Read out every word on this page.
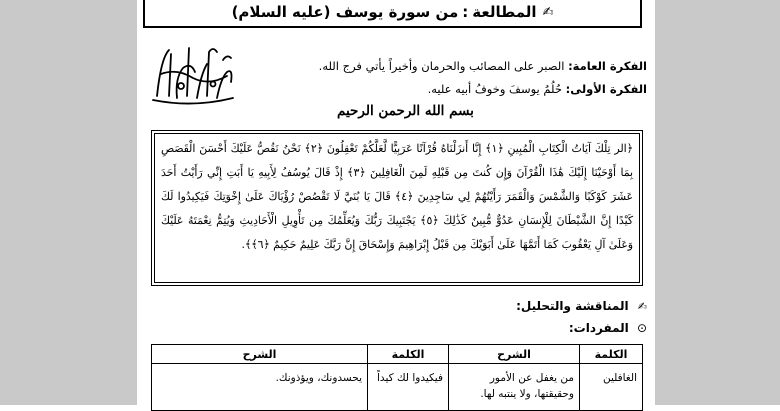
✍
المطالعة
:
من سورة يوسف (عليه السلام)
القرآن الكريم
الفكرة العامة: الصبر على المصائب والحرمان وأخيراً يأتي فرج الله.
الفكرة الأولى: حُلُمُ يوسفَ وخوفُ أبيه عليه.
بسم الله الرحمن الرحيم
﴿الر تِلْكَ آيَاتُ الْكِتَابِ الْمُبِينِ ﴿١﴾ إِنَّا أَنزَلْنَاهُ قُرْآنًا عَرَبِيًّا لَّعَلَّكُمْ تَعْقِلُونَ ﴿٢﴾ نَحْنُ نَقُصُّ عَلَيْكَ أَحْسَنَ الْقَصَصِ بِمَا أَوْحَيْنَا إِلَيْكَ هَٰذَا الْقُرْآنَ وَإِن كُنتَ مِن قَبْلِهِ لَمِنَ الْغَافِلِينَ ﴿٣﴾ إِذْ قَالَ يُوسُفُ لِأَبِيهِ يَا أَبَتِ إِنِّي رَأَيْتُ أَحَدَ عَشَرَ كَوْكَبًا وَالشَّمْسَ وَالْقَمَرَ رَأَيْتُهُمْ لِي سَاجِدِينَ ﴿٤﴾ قَالَ يَا بُنَيَّ لَا تَقْصُصْ رُؤْيَاكَ عَلَىٰ إِخْوَتِكَ فَيَكِيدُوا لَكَ كَيْدًا إِنَّ الشَّيْطَانَ لِلْإِنسَانِ عَدُوٌّ مُّبِينٌ كَذَٰلِكَ ﴿٥﴾ يَجْتَبِيكَ رَبُّكَ وَيُعَلِّمُكَ مِن تَأْوِيلِ الْأَحَادِيثِ وَيُتِمُّ نِعْمَتَهُ عَلَيْكَ وَعَلَىٰ آلِ يَعْقُوبَ كَمَا أَتَمَّهَا عَلَىٰ أَبَوَيْكَ مِن قَبْلُ إِبْرَاهِيمَ وَإِسْحَاقَ إِنَّ رَبَّكَ عَلِيمٌ حَكِيمٌ ﴿٦﴾﴾.
✍ المناقشة والتحليل:
⊙ المفردات:
الكلمة	الشرح	الكلمة	الشرح
الغافلين	من يغفل عن الأمور وحقيقتها، ولا ينتبه لها.	فيكيدوا لك كيداً	يحسدونك، ويؤذونك.
